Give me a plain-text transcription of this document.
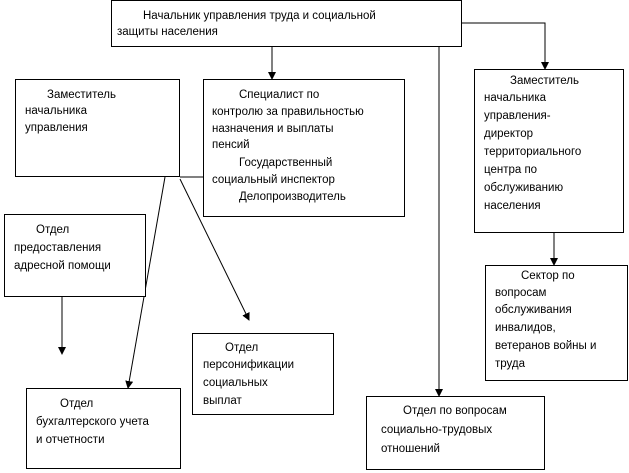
Начальник управления труда и социальной
защиты населения
Заместитель
начальника
управления
Специалист по
контролю за правильностью
назначения и выплаты
пенсий
Государственный
социальный инспектор
Делопроизводитель
Заместитель
начальника
управления-
директор
территориального
центра по
обслуживанию
населения
Отдел
предоставления
адресной помощи
Сектор по
вопросам
обслуживания
инвалидов,
ветеранов войны и
труда
Отдел
персонификации
социальных
выплат
Отдел
бухгалтерского учета
и отчетности
Отдел по вопросам
социально-трудовых
отношений
